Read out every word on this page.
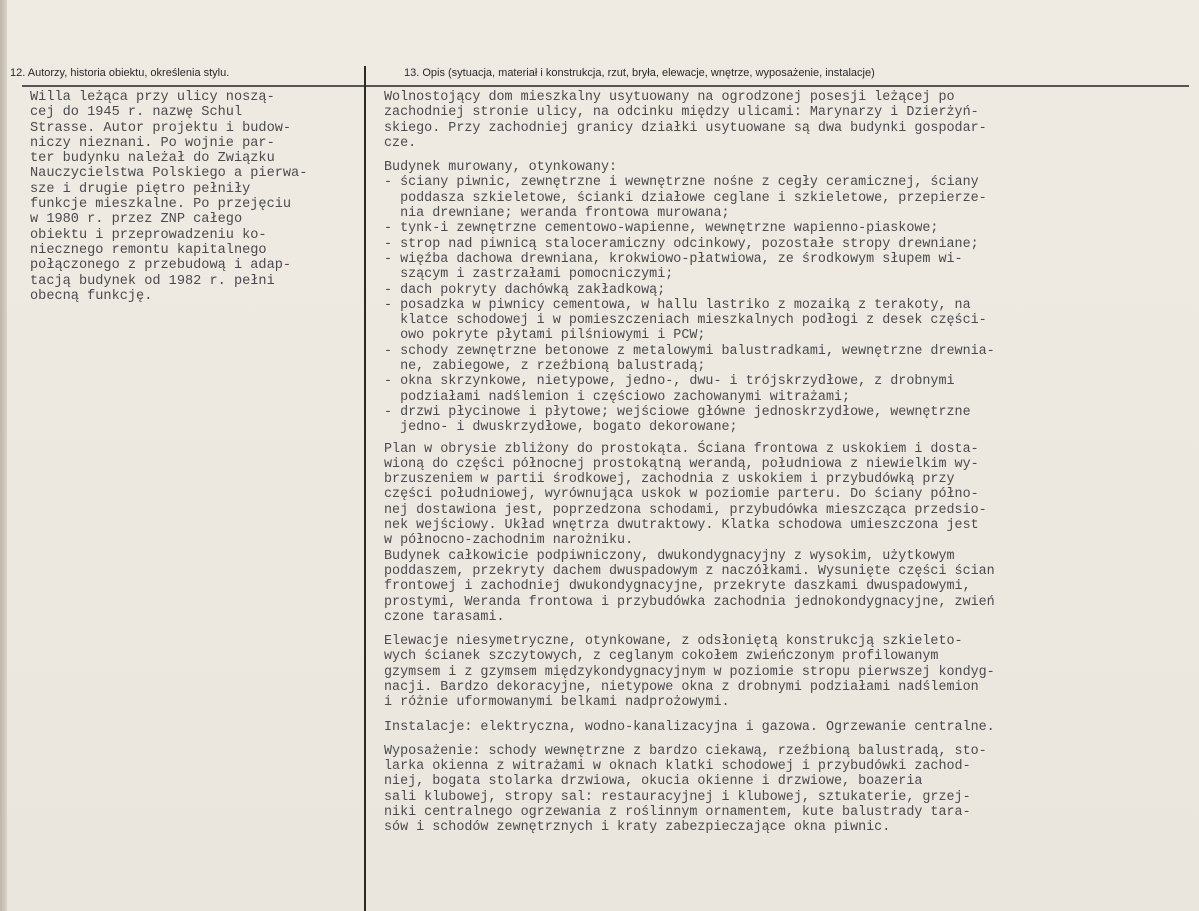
12. Autorzy, historia obiektu, określenia stylu.	13. Opis (sytuacja, materiał i konstrukcja, rzut, bryła, elewacje, wnętrze, wyposażenie, instalacje)
Willa leżąca przy ulicy noszą-
cej do 1945 r. nazwę Schul
Strasse. Autor projektu i budow-
niczy nieznani. Po wojnie par-
ter budynku należał do Związku
Nauczycielstwa Polskiego a pierwa-
sze i drugie piętro pełniły
funkcje mieszkalne. Po przejęciu
w 1980 r. przez ZNP całego
obiektu i przeprowadzeniu ko-
niecznego remontu kapitalnego
połączonego z przebudową i adap-
tacją budynek od 1982 r. pełni
obecną funkcję.
Wolnostojący dom mieszkalny usytuowany na ogrodzonej posesji leżącej po
zachodniej stronie ulicy, na odcinku między ulicami: Marynarzy i Dzierżyń-
skiego. Przy zachodniej granicy działki usytuowane są dwa budynki gospodar-
cze.
Budynek murowany, otynkowany:
- ściany piwnic, zewnętrzne i wewnętrzne nośne z cegły ceramicznej, ściany
poddasza szkieletowe, ścianki działowe ceglane i szkieletowe, przepierze-
nia drewniane; weranda frontowa murowana;
- tynk-i zewnętrzne cementowo-wapienne, wewnętrzne wapienno-piaskowe;
- strop nad piwnicą staloceramiczny odcinkowy, pozostałe stropy drewniane;
- więźba dachowa drewniana, krokwiowo-płatwiowa, ze środkowym słupem wi-
szącym i zastrzałami pomocniczymi;
- dach pokryty dachówką zakładkową;
- posadzka w piwnicy cementowa, w hallu lastriko z mozaiką z terakoty, na
klatce schodowej i w pomieszczeniach mieszkalnych podłogi z desek części-
owo pokryte płytami pilśniowymi i PCW;
- schody zewnętrzne betonowe z metalowymi balustradkami, wewnętrzne drewnia-
ne, zabiegowe, z rzeźbioną balustradą;
- okna skrzynkowe, nietypowe, jedno-, dwu- i trójskrzydłowe, z drobnymi
podziałami nadślemion i częściowo zachowanymi witrażami;
- drzwi płycinowe i płytowe; wejściowe główne jednoskrzydłowe, wewnętrzne
jedno- i dwuskrzydłowe, bogato dekorowane;
Plan w obrysie zbliżony do prostokąta. Ściana frontowa z uskokiem i dosta-
wioną do części północnej prostokątną werandą, południowa z niewielkim wy-
brzuszeniem w partii środkowej, zachodnia z uskokiem i przybudówką przy
części południowej, wyrównująca uskok w poziomie parteru. Do ściany półno-
nej dostawiona jest, poprzedzona schodami, przybudówka mieszcząca przedsio-
nek wejściowy. Układ wnętrza dwutraktowy. Klatka schodowa umieszczona jest
w północno-zachodnim narożniku.
Budynek całkowicie podpiwniczony, dwukondygnacyjny z wysokim, użytkowym
poddaszem, przekryty dachem dwuspadowym z naczółkami. Wysunięte części ścian
frontowej i zachodniej dwukondygnacyjne, przekryte daszkami dwuspadowymi,
prostymi, Weranda frontowa i przybudówka zachodnia jednokondygnacyjne, zwień
czone tarasami.
Elewacje niesymetryczne, otynkowane, z odsłoniętą konstrukcją szkieleto-
wych ścianek szczytowych, z ceglanym cokołem zwieńczonym profilowanym
gzymsem i z gzymsem międzykondygnacyjnym w poziomie stropu pierwszej kondyg-
nacji. Bardzo dekoracyjne, nietypowe okna z drobnymi podziałami nadślemion
i różnie uformowanymi belkami nadprożowymi.
Instalacje: elektryczna, wodno-kanalizacyjna i gazowa. Ogrzewanie centralne.
Wyposażenie: schody wewnętrzne z bardzo ciekawą, rzeźbioną balustradą, sto-
larka okienna z witrażami w oknach klatki schodowej i przybudówki zachod-
niej, bogata stolarka drzwiowa, okucia okienne i drzwiowe, boazeria
sali klubowej, stropy sal: restauracyjnej i klubowej, sztukaterie, grzej-
niki centralnego ogrzewania z roślinnym ornamentem, kute balustrady tara-
sów i schodów zewnętrznych i kraty zabezpieczające okna piwnic.
